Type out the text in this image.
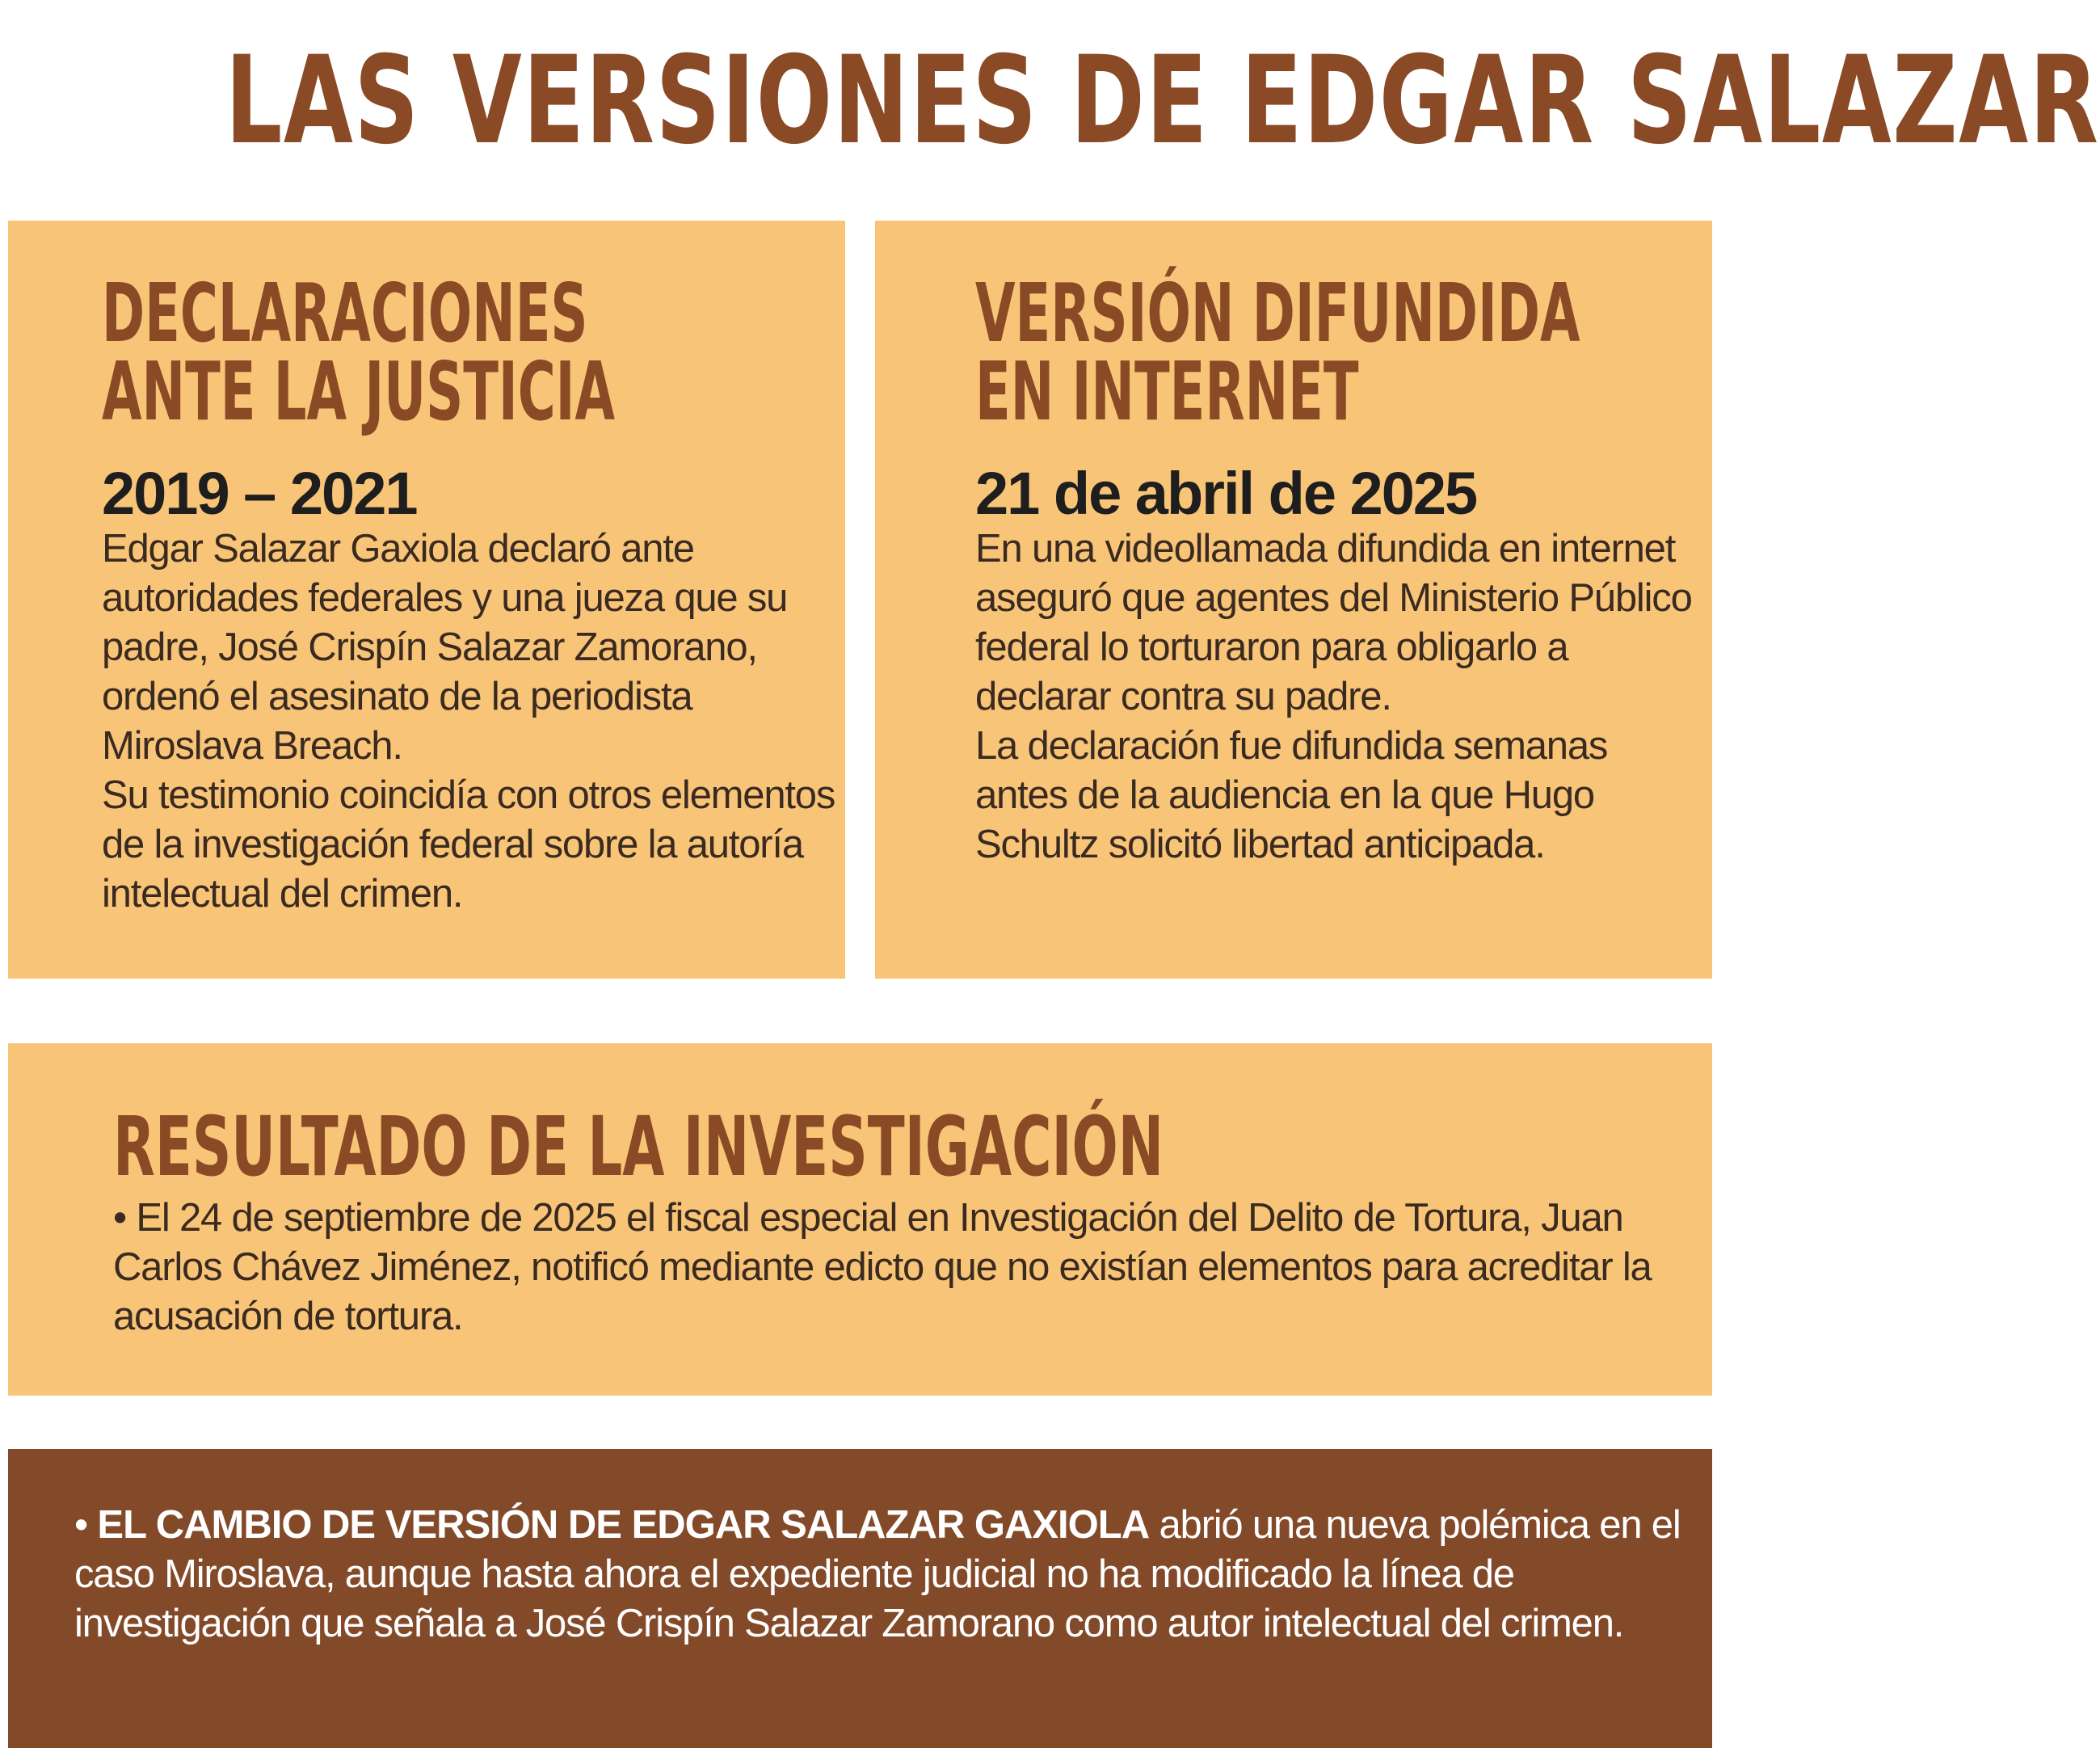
LAS VERSIONES DE EDGAR SALAZAR
DECLARACIONES
ANTE LA JUSTICIA
2019 – 2021

Edgar Salazar Gaxiola declaró ante autoridades federales y una jueza que su padre, José Crispín Salazar Zamorano, ordenó el asesinato de la periodista Miroslava Breach.

Su testimonio coincidía con otros elementos de la investigación federal sobre la autoría intelectual del crimen.

VERSIÓN DIFUNDIDA
EN INTERNET
21 de abril de 2025

En una videollamada difundida en internet aseguró que agentes del Ministerio Público federal lo torturaron para obligarlo a declarar contra su padre.

La declaración fue difundida semanas antes de la audiencia en la que Hugo Schultz solicitó libertad anticipada.

RESULTADO DE LA INVESTIGACIÓN
• El 24 de septiembre de 2025 el fiscal especial en Investigación del Delito de Tortura, Juan Carlos Chávez Jiménez, notificó mediante edicto que no existían elementos para acreditar la acusación de tortura.
• EL CAMBIO DE VERSIÓN DE EDGAR SALAZAR GAXIOLA abrió una nueva polémica en el caso Miroslava, aunque hasta ahora el expediente judicial no ha modificado la línea de investigación que señala a José Crispín Salazar Zamorano como autor intelectual del crimen.
